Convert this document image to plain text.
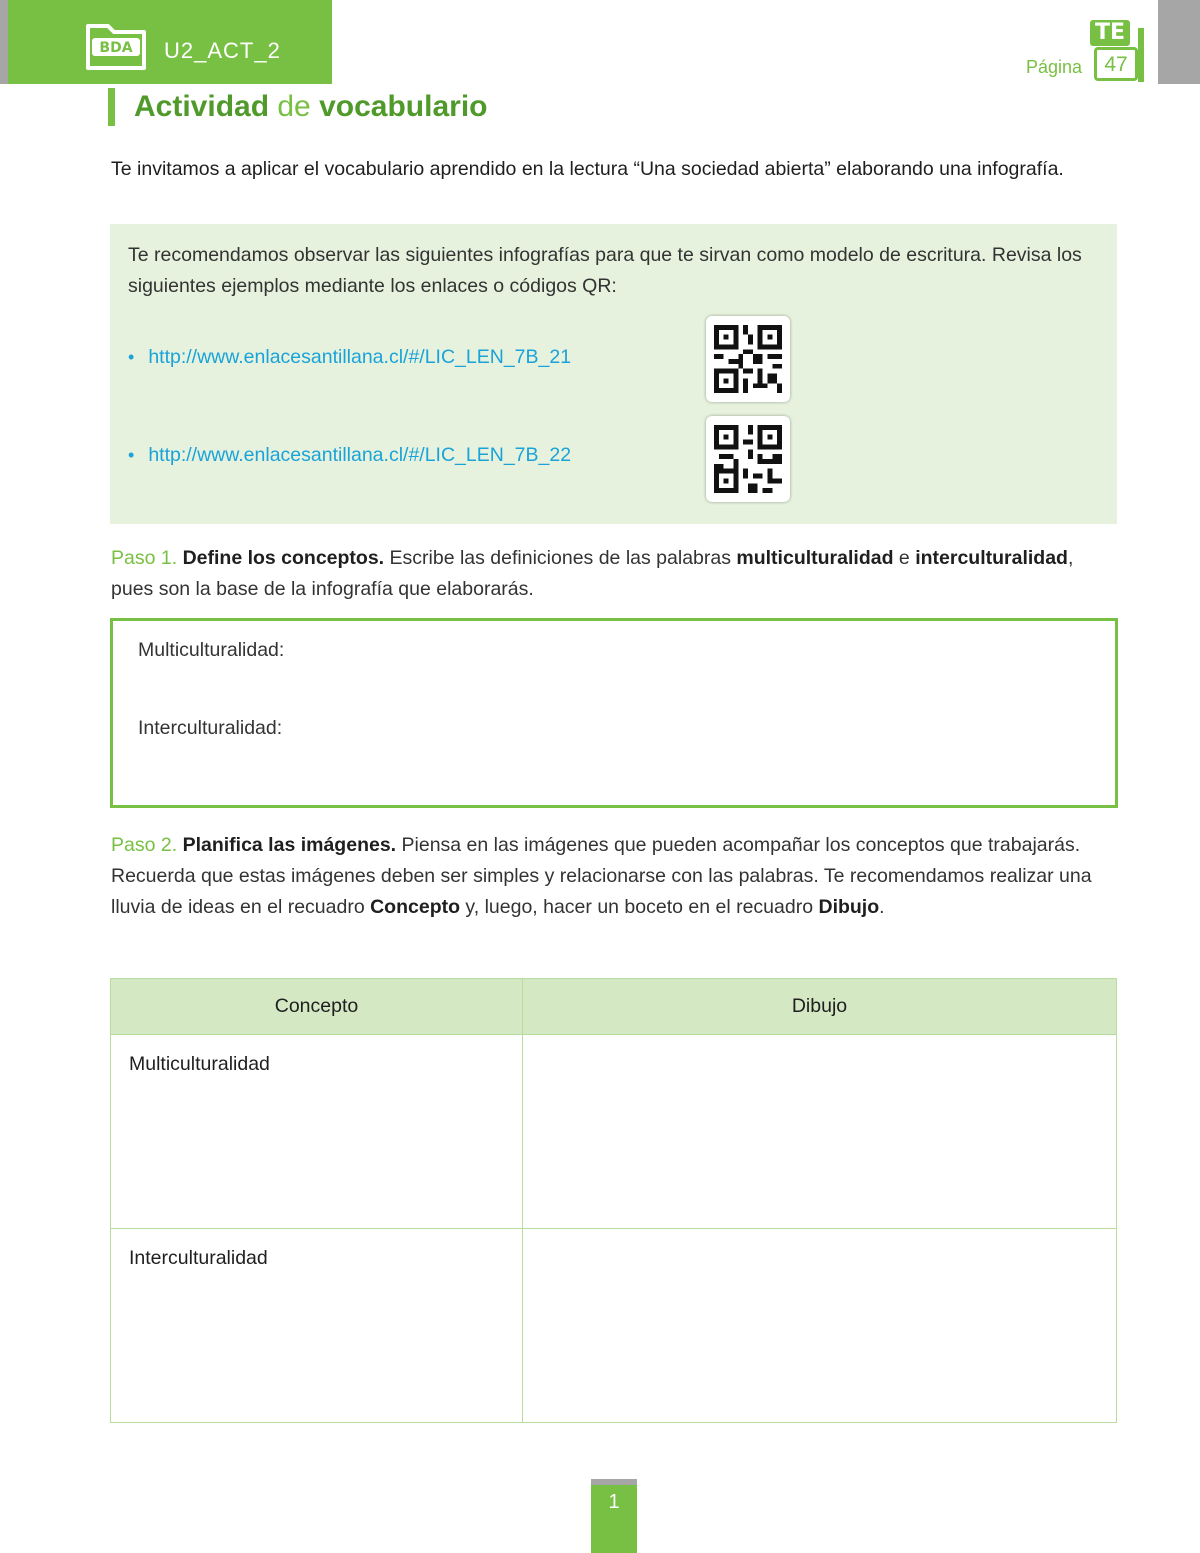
BDA U2_ACT_2
Página
TE
47
Actividad de vocabulario
Te invitamos a aplicar el vocabulario aprendido en la lectura “Una sociedad abierta” elaborando una infografía.
Te recomendamos observar las siguientes infografías para que te sirvan como modelo de escritura. Revisa los siguientes ejemplos mediante los enlaces o códigos QR:
• http://www.enlacesantillana.cl/#/LIC_LEN_7B_21
• http://www.enlacesantillana.cl/#/LIC_LEN_7B_22
Paso 1. Define los conceptos. Escribe las definiciones de las palabras multiculturalidad e interculturalidad, pues son la base de la infografía que elaborarás.
Multiculturalidad:
Interculturalidad:
Paso 2. Planifica las imágenes. Piensa en las imágenes que pueden acompañar los conceptos que trabajarás. Recuerda que estas imágenes deben ser simples y relacionarse con las palabras. Te recomendamos realizar una lluvia de ideas en el recuadro Concepto y, luego, hacer un boceto en el recuadro Dibujo.
Concepto	Dibujo
Multiculturalidad	
Interculturalidad	
1
